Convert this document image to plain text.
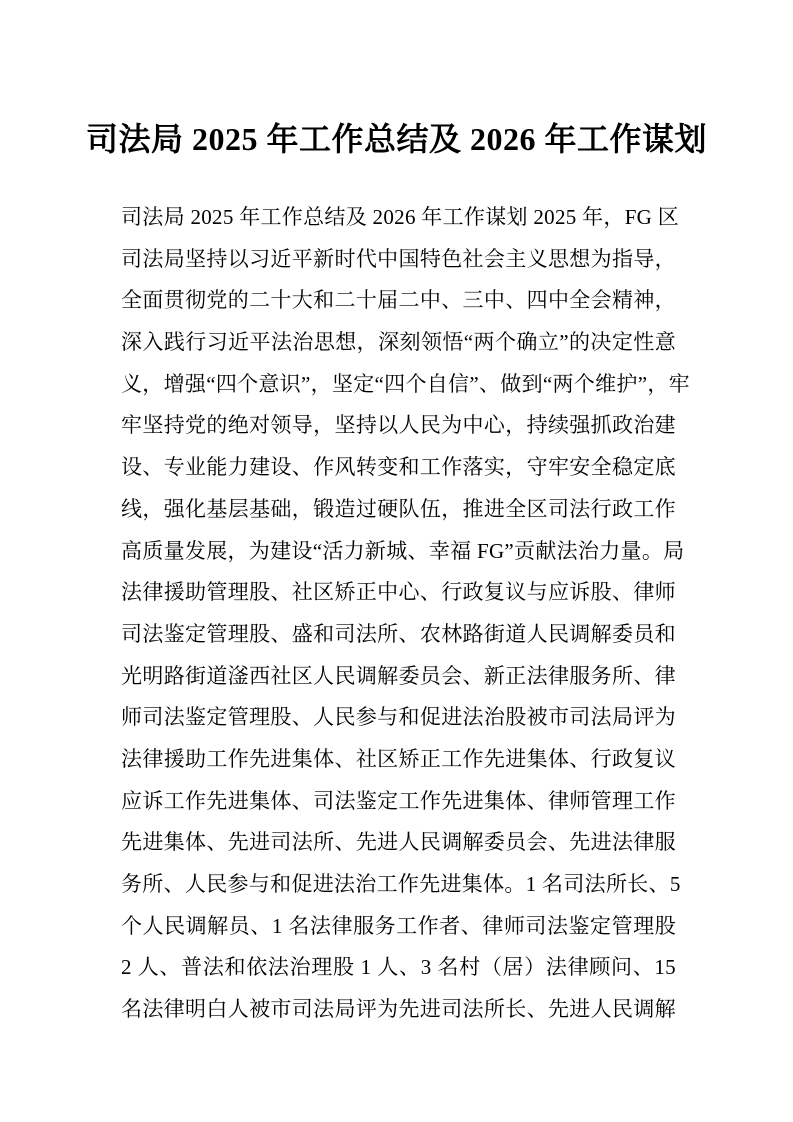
司法局 2025 年工作总结及 2026 年工作谋划
司法局 2025 年工作总结及 2026 年工作谋划 2025 年，FG 区
司法局坚持以习近平新时代中国特色社会主义思想为指导，
全面贯彻党的二十大和二十届二中、三中、四中全会精神，
深入践行习近平法治思想，深刻领悟“两个确立”的决定性意
义，增强“四个意识”，坚定“四个自信”、做到“两个维护”，牢
牢坚持党的绝对领导，坚持以人民为中心，持续强抓政治建
设、专业能力建设、作风转变和工作落实，守牢安全稳定底
线，强化基层基础，锻造过硬队伍，推进全区司法行政工作
高质量发展，为建设“活力新城、幸福 FG”贡献法治力量。局
法律援助管理股、社区矫正中心、行政复议与应诉股、律师
司法鉴定管理股、盛和司法所、农林路街道人民调解委员和
光明路街道滏西社区人民调解委员会、新正法律服务所、律
师司法鉴定管理股、人民参与和促进法治股被市司法局评为
法律援助工作先进集体、社区矫正工作先进集体、行政复议
应诉工作先进集体、司法鉴定工作先进集体、律师管理工作
先进集体、先进司法所、先进人民调解委员会、先进法律服
务所、人民参与和促进法治工作先进集体。1 名司法所长、5
个人民调解员、1 名法律服务工作者、律师司法鉴定管理股
2 人、普法和依法治理股 1 人、3 名村（居）法律顾问、15
名法律明白人被市司法局评为先进司法所长、先进人民调解
